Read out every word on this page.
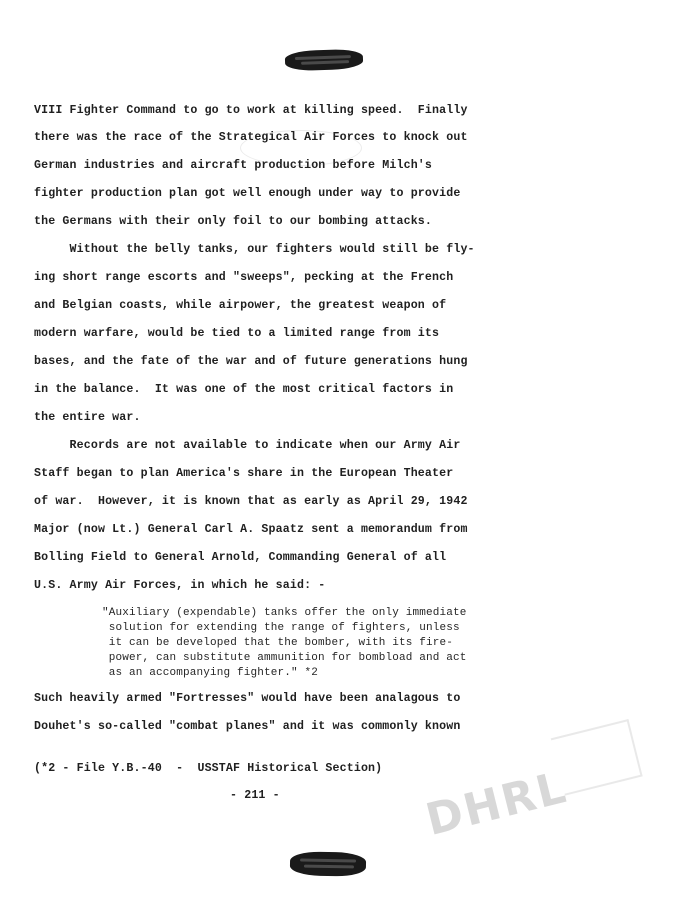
VIII Fighter Command to go to work at killing speed.  Finally
there was the race of the Strategical Air Forces to knock out
German industries and aircraft production before Milch's
fighter production plan got well enough under way to provide
the Germans with their only foil to our bombing attacks.
Without the belly tanks, our fighters would still be fly-
ing short range escorts and "sweeps", pecking at the French
and Belgian coasts, while airpower, the greatest weapon of
modern warfare, would be tied to a limited range from its
bases, and the fate of the war and of future generations hung
in the balance.  It was one of the most critical factors in
the entire war.
Records are not available to indicate when our Army Air
Staff began to plan America's share in the European Theater
of war.  However, it is known that as early as April 29, 1942
Major (now Lt.) General Carl A. Spaatz sent a memorandum from
Bolling Field to General Arnold, Commanding General of all
U.S. Army Air Forces, in which he said: -
"Auxiliary (expendable) tanks offer the only immediate
solution for extending the range of fighters, unless
it can be developed that the bomber, with its fire-
power, can substitute ammunition for bombload and act
as an accompanying fighter." *2
Such heavily armed "Fortresses" would have been analagous to
Douhet's so-called "combat planes" and it was commonly known
(*2 - File Y.B.-40  -  USSTAF Historical Section)
- 211 -	DHRL
